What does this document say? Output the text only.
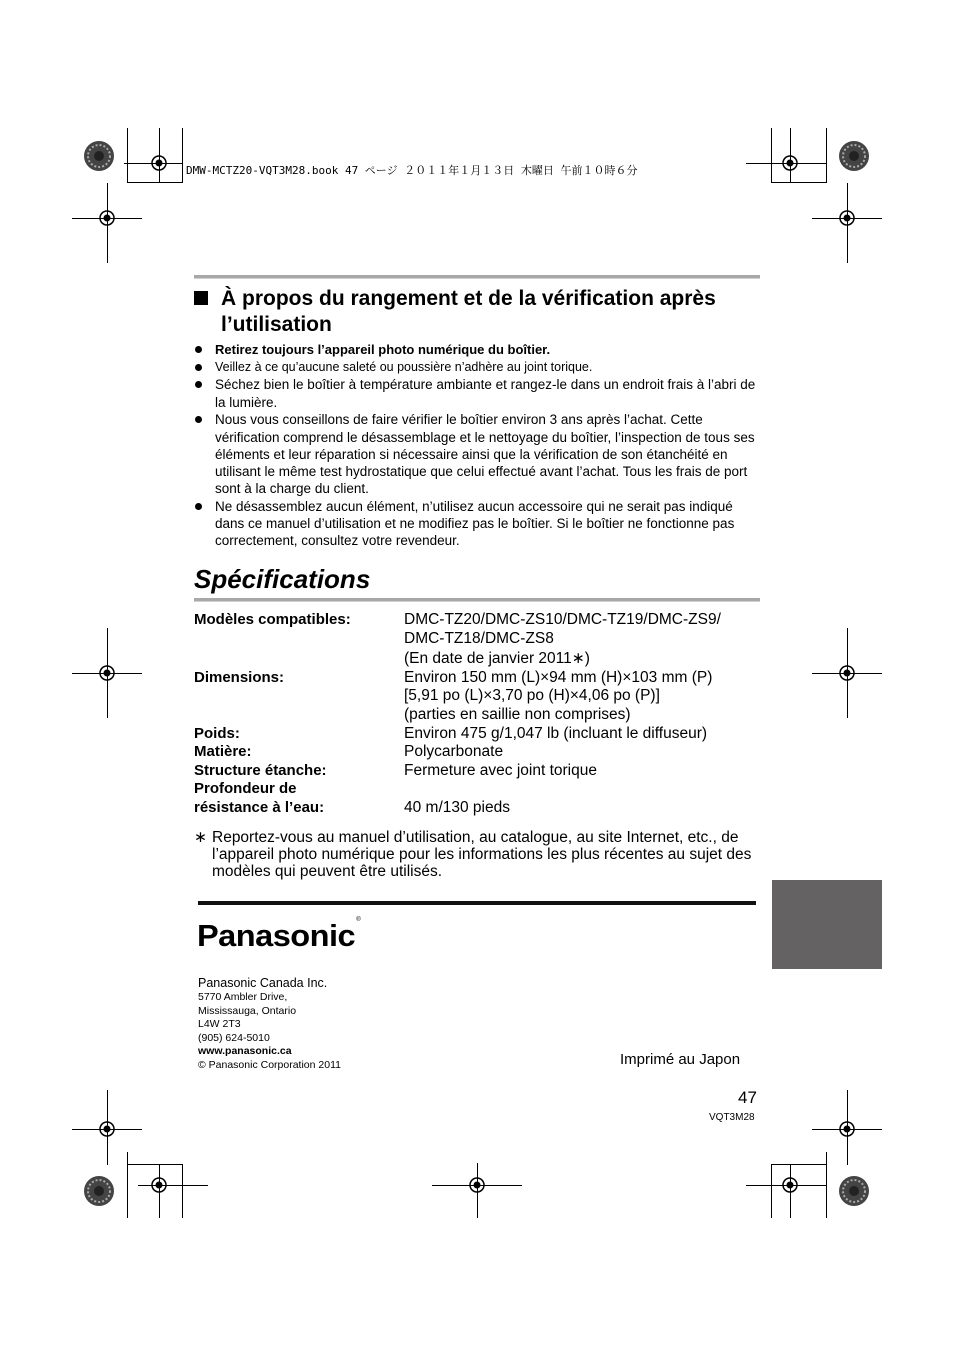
DMW-MCTZ20-VQT3M28.book 47 ページ ２０１１年１月１３日 木曜日 午前１０時６分
À propos du rangement et de la vérification après l’utilisation
Retirez toujours l’appareil photo numérique du boîtier.
Veillez à ce qu’aucune saleté ou poussière n’adhère au joint torique.
Séchez bien le boîtier à température ambiante et rangez-le dans un endroit frais à l’abri de la lumière.
Nous vous conseillons de faire vérifier le boîtier environ 3 ans après l’achat. Cette vérification comprend le désassemblage et le nettoyage du boîtier, l’inspection de tous ses éléments et leur réparation si nécessaire ainsi que la vérification de son étanchéité en utilisant le même test hydrostatique que celui effectué avant l’achat. Tous les frais de port sont à la charge du client.
Ne désassemblez aucun élément, n’utilisez aucun accessoire qui ne serait pas indiqué dans ce manuel d’utilisation et ne modifiez pas le boîtier. Si le boîtier ne fonctionne pas correctement, consultez votre revendeur.
Spécifications
Modèles compatibles:	DMC-TZ20/DMC-ZS10/DMC-TZ19/DMC-ZS9/
DMC-TZ18/DMC-ZS8
(En date de janvier 2011∗)
Dimensions:	Environ 150 mm (L)×94 mm (H)×103 mm (P)
[5,91 po (L)×3,70 po (H)×4,06 po (P)]
(parties en saillie non comprises)
Poids:	Environ 475 g/1,047 lb (incluant le diffuseur)
Matière:	Polycarbonate
Structure étanche:	Fermeture avec joint torique
Profondeur de
résistance à l’eau:	40 m/130 pieds
∗ Reportez-vous au manuel d’utilisation, au catalogue, au site Internet, etc., de l’appareil photo numérique pour les informations les plus récentes au sujet des modèles qui peuvent être utilisés.
Panasonic®
Panasonic Canada Inc.
5770 Ambler Drive,
Mississauga, Ontario
L4W 2T3
(905) 624-5010
www.panasonic.ca
© Panasonic Corporation 2011	Imprimé au Japon
47
VQT3M28
